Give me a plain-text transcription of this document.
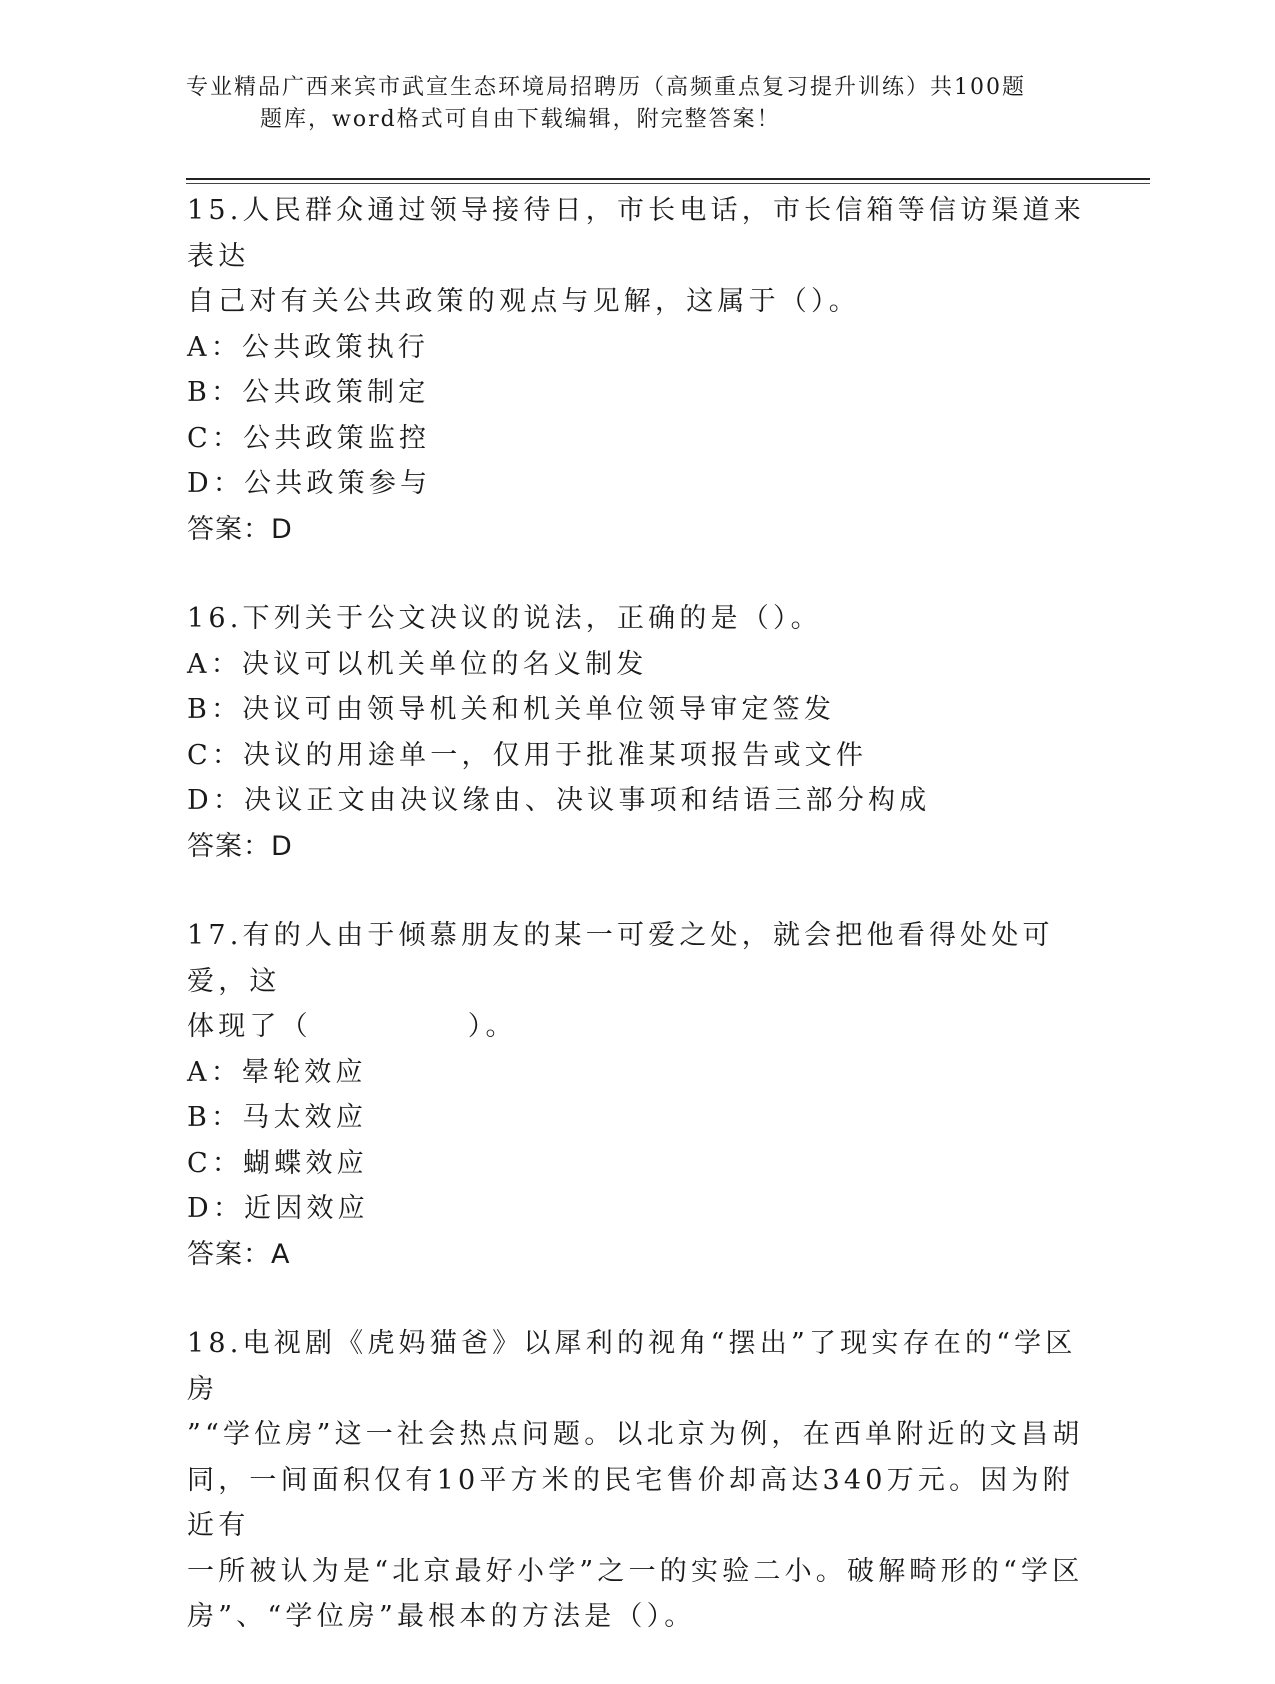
专业精品广西来宾市武宣生态环境局招聘历（高频重点复习提升训练）共100题
题库，word格式可自由下载编辑，附完整答案！
15.人民群众通过领导接待日，市长电话，市长信箱等信访渠道来表达
自己对有关公共政策的观点与见解，这属于（）。
A：公共政策执行
B：公共政策制定
C：公共政策监控
D：公共政策参与
答案：D
16.下列关于公文决议的说法，正确的是（）。
A：决议可以机关单位的名义制发
B：决议可由领导机关和机关单位领导审定签发
C：决议的用途单一，仅用于批准某项报告或文件
D：决议正文由决议缘由、决议事项和结语三部分构成
答案：D
17.有的人由于倾慕朋友的某一可爱之处，就会把他看得处处可爱，这
体现了（　　　　　）。
A：晕轮效应
B：马太效应
C：蝴蝶效应
D：近因效应
答案：A
18.电视剧《虎妈猫爸》以犀利的视角“摆出”了现实存在的“学区房
”“学位房”这一社会热点问题。以北京为例，在西单附近的文昌胡
同，一间面积仅有10平方米的民宅售价却高达340万元。因为附近有
一所被认为是“北京最好小学”之一的实验二小。破解畸形的“学区
房”、“学位房”最根本的方法是（）。
